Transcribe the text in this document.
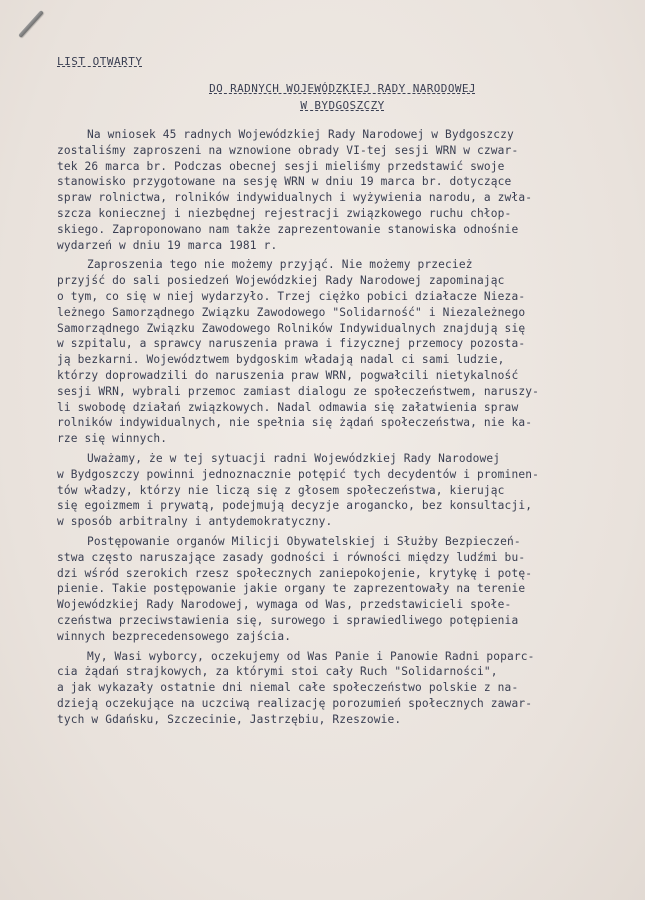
LIST OTWARTY
DO RADNYCH WOJEWÓDZKIEJ RADY NARODOWEJ
W BYDGOSZCZY
Na wniosek 45 radnych Wojewódzkiej Rady Narodowej w Bydgoszczy
zostaliśmy zaproszeni na wznowione obrady VI-tej sesji WRN w czwar-
tek 26 marca br. Podczas obecnej sesji mieliśmy przedstawić swoje
stanowisko przygotowane na sesję WRN w dniu 19 marca br. dotyczące
spraw rolnictwa, rolników indywidualnych i wyżywienia narodu, a zwła-
szcza koniecznej i niezbędnej rejestracji związkowego ruchu chłop-
skiego. Zaproponowano nam także zaprezentowanie stanowiska odnośnie
wydarzeń w dniu 19 marca 1981 r.
Zaproszenia tego nie możemy przyjąć. Nie możemy przecież
przyjść do sali posiedzeń Wojewódzkiej Rady Narodowej zapominając
o tym, co się w niej wydarzyło. Trzej ciężko pobici działacze Nieza-
leżnego Samorządnego Związku Zawodowego "Solidarność" i Niezależnego
Samorządnego Związku Zawodowego Rolników Indywidualnych znajdują się
w szpitalu, a sprawcy naruszenia prawa i fizycznej przemocy pozosta-
ją bezkarni. Województwem bydgoskim władają nadal ci sami ludzie,
którzy doprowadzili do naruszenia praw WRN, pogwałcili nietykalność
sesji WRN, wybrali przemoc zamiast dialogu ze społeczeństwem, naruszy-
li swobodę działań związkowych. Nadal odmawia się załatwienia spraw
rolników indywidualnych, nie spełnia się żądań społeczeństwa, nie ka-
rze się winnych.
Uważamy, że w tej sytuacji radni Wojewódzkiej Rady Narodowej
w Bydgoszczy powinni jednoznacznie potępić tych decydentów i prominen-
tów władzy, którzy nie liczą się z głosem społeczeństwa, kierując
się egoizmem i prywatą, podejmują decyzje arogancko, bez konsultacji,
w sposób arbitralny i antydemokratyczny.
Postępowanie organów Milicji Obywatelskiej i Służby Bezpieczeń-
stwa często naruszające zasady godności i równości między ludźmi bu-
dzi wśród szerokich rzesz społecznych zaniepokojenie, krytykę i potę-
pienie. Takie postępowanie jakie organy te zaprezentowały na terenie
Wojewódzkiej Rady Narodowej, wymaga od Was, przedstawicieli społe-
czeństwa przeciwstawienia się, surowego i sprawiedliwego potępienia
winnych bezprecedensowego zajścia.
My, Wasi wyborcy, oczekujemy od Was Panie i Panowie Radni poparc-
cia żądań strajkowych, za którymi stoi cały Ruch "Solidarności",
a jak wykazały ostatnie dni niemal całe społeczeństwo polskie z na-
dzieją oczekujące na uczciwą realizację porozumień społecznych zawar-
tych w Gdańsku, Szczecinie, Jastrzębiu, Rzeszowie.
